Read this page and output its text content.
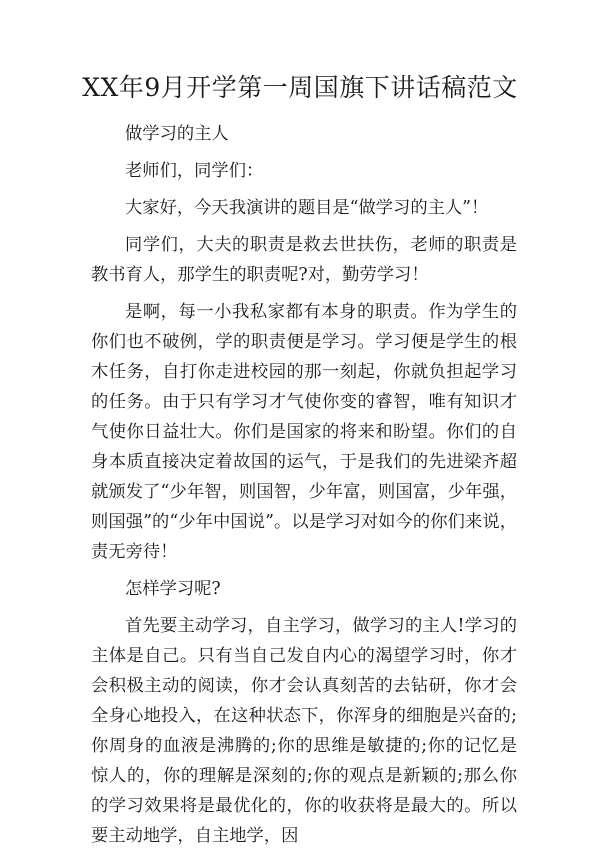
XX年9月开学第一周国旗下讲话稿范文

做学习的主人

老师们，同学们：

大家好，今天我演讲的题目是“做学习的主人”！

同学们，大夫的职责是救去世扶伤，老师的职责是教书育人，那学生的职责呢?对，勤劳学习！

是啊，每一小我私家都有本身的职责。作为学生的你们也不破例，学的职责便是学习。学习便是学生的根木任务，自打你走进校园的那一刻起，你就负担起学习的任务。由于只有学习才气使你变的睿智，唯有知识才气使你日益壮大。你们是国家的将来和盼望。你们的自身本质直接决定着故国的运气，于是我们的先进梁齐超就颁发了“少年智，则国智，少年富，则国富，少年强，则国强”的“少年中国说”。以是学习对如今的你们来说，责无旁待！

怎样学习呢?

首先要主动学习，自主学习，做学习的主人!学习的主体是自己。只有当自己发自内心的渴望学习时，你才会积极主动的阅读，你才会认真刻苦的去钻研，你才会全身心地投入，在这种状态下，你浑身的细胞是兴奋的;你周身的血液是沸腾的;你的思维是敏捷的;你的记忆是惊人的，你的理解是深刻的;你的观点是新颖的;那么你的学习效果将是最优化的，你的收获将是最大的。所以要主动地学，自主地学，因
